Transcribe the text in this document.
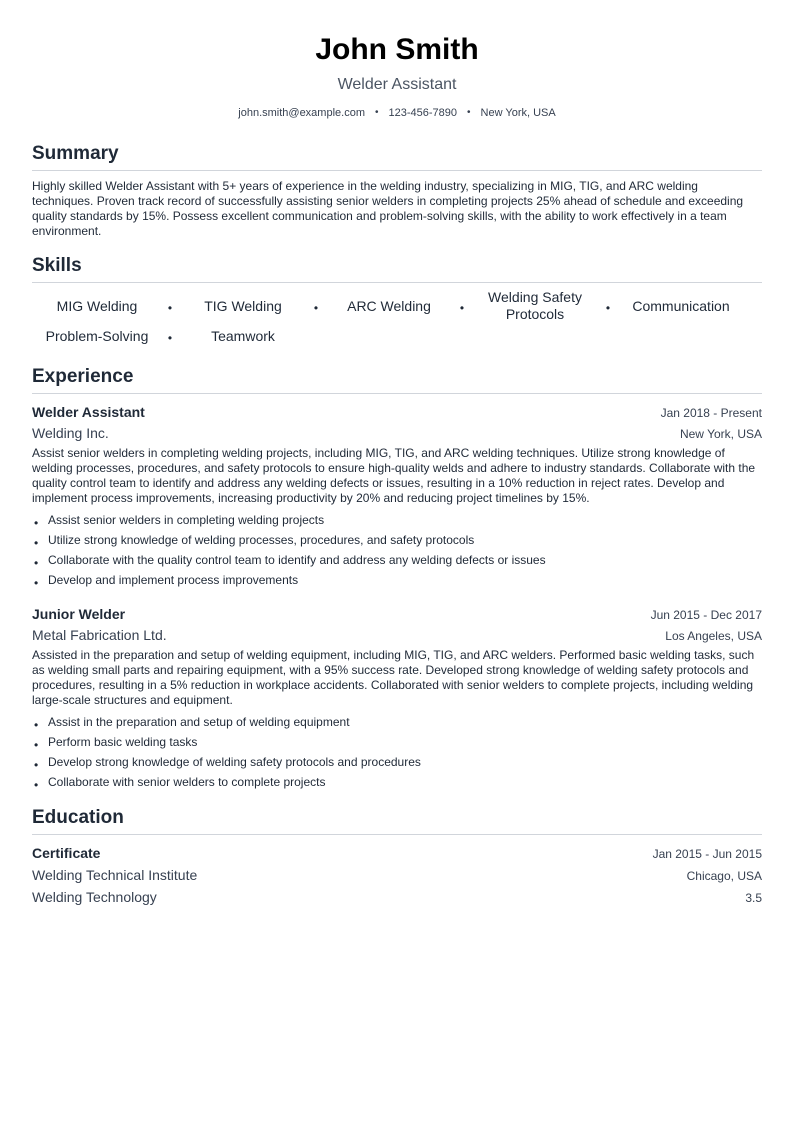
John Smith
Welder Assistant
john.smith@example.com • 123-456-7890 • New York, USA
Summary

Highly skilled Welder Assistant with 5+ years of experience in the welding industry, specializing in MIG, TIG, and ARC welding techniques. Proven track record of successfully assisting senior welders in completing projects 25% ahead of schedule and exceeding quality standards by 15%. Possess excellent communication and problem-solving skills, with the ability to work effectively in a team environment.

Skills
MIG Welding	•	TIG Welding	•	ARC Welding	•
Welding Safety Protocols	•	Communication
Problem-Solving	•	Teamwork
Experience
Welder Assistant	Jan 2018 - Present
Welding Inc.	New York, USA

Assist senior welders in completing welding projects, including MIG, TIG, and ARC welding techniques. Utilize strong knowledge of welding processes, procedures, and safety protocols to ensure high-quality welds and adhere to industry standards. Collaborate with the quality control team to identify and address any welding defects or issues, resulting in a 10% reduction in reject rates. Develop and implement process improvements, increasing productivity by 20% and reducing project timelines by 15%.

• Assist senior welders in completing welding projects
• Utilize strong knowledge of welding processes, procedures, and safety protocols
• Collaborate with the quality control team to identify and address any welding defects or issues
• Develop and implement process improvements
Junior Welder	Jun 2015 - Dec 2017
Metal Fabrication Ltd.	Los Angeles, USA

Assisted in the preparation and setup of welding equipment, including MIG, TIG, and ARC welders. Performed basic welding tasks, such as welding small parts and repairing equipment, with a 95% success rate. Developed strong knowledge of welding safety protocols and procedures, resulting in a 5% reduction in workplace accidents. Collaborated with senior welders to complete projects, including welding large-scale structures and equipment.

• Assist in the preparation and setup of welding equipment
• Perform basic welding tasks
• Develop strong knowledge of welding safety protocols and procedures
• Collaborate with senior welders to complete projects
Education
Certificate	Jan 2015 - Jun 2015
Welding Technical Institute	Chicago, USA
Welding Technology	3.5
